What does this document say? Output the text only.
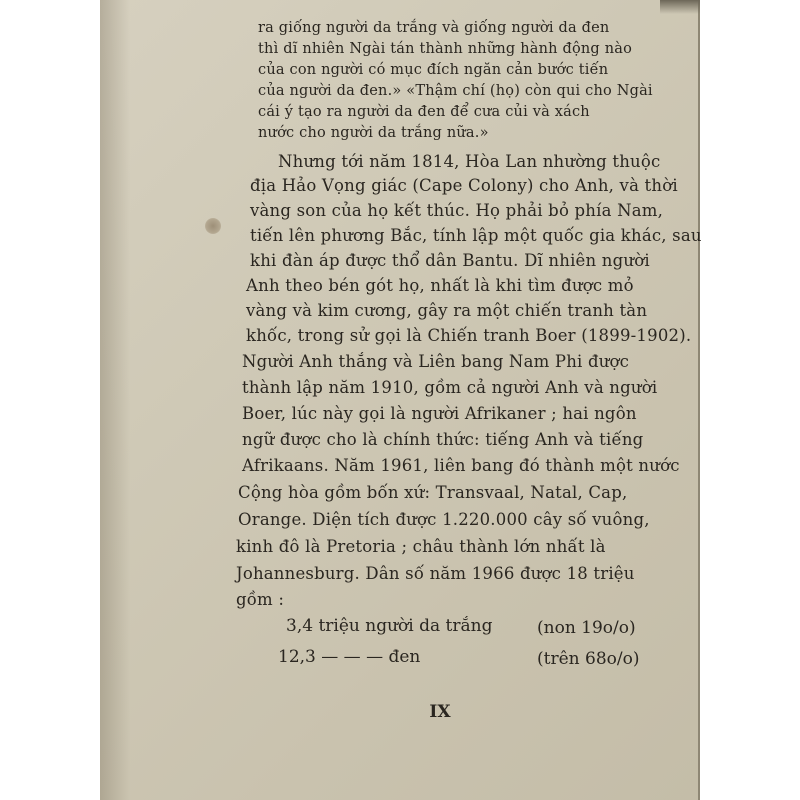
ra giống người da trắng và giống người da đen

thì dĩ nhiên Ngài tán thành những hành động nào

của con người có mục đích ngăn cản bước tiến

của người da đen.» «Thậm chí (họ) còn qui cho Ngài

cái ý tạo ra người da đen để cưa củi và xách

nước cho người da trắng nữa.»

Nhưng tới năm 1814, Hòa Lan nhường thuộc

địa Hảo Vọng giác (Cape Colony) cho Anh, và thời

vàng son của họ kết thúc. Họ phải bỏ phía Nam,

tiến lên phương Bắc, tính lập một quốc gia khác, sau

khi đàn áp được thổ dân Bantu. Dĩ nhiên người

Anh theo bén gót họ, nhất là khi tìm được mỏ

vàng và kim cương, gây ra một chiến tranh tàn

khốc, trong sử gọi là Chiến tranh Boer (1899-1902).

Người Anh thắng và Liên bang Nam Phi được

thành lập năm 1910, gồm cả người Anh và người

Boer, lúc này gọi là người Afrikaner ; hai ngôn

ngữ được cho là chính thức: tiếng Anh và tiếng

Afrikaans. Năm 1961, liên bang đó thành một nước

Cộng hòa gồm bốn xứ: Transvaal, Natal, Cap,

Orange. Diện tích được 1.220.000 cây số vuông,

kinh đô là Pretoria ; châu thành lớn nhất là

Johannesburg. Dân số năm 1966 được 18 triệu

gồm :

3,4 triệu người da trắng	(non 19o/o)
12,3 — — — đen	(trên 68o/o)
IX
